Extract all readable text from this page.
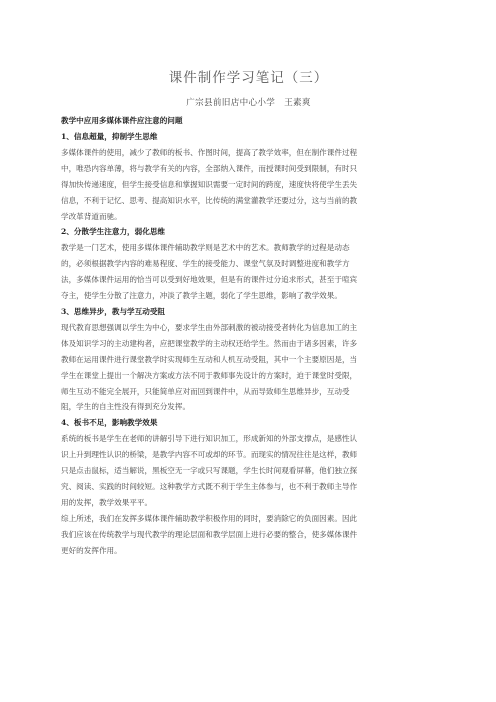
课件制作学习笔记（三）
广宗县前旧店中心小学　王素爽
教学中应用多媒体课件应注意的问题
1、信息超量，抑制学生思维
多媒体课件的使用，减少了教师的板书、作图时间，提高了教学效率，但在制作课件过程
中，唯恐内容单薄，将与教学有关的内容，全部纳入课件，而授课时间受到限制，有时只
得加快传递速度，但学生接受信息和掌握知识需要一定时间的跨度，速度快将使学生丢失
信息，不利于记忆、思考、提高知识水平，比传统的满堂灌教学还要过分，这与当前的教
学改革背道而驰。
2、分散学生注意力，弱化思维
教学是一门艺术，使用多媒体课件辅助教学则是艺术中的艺术。教师教学的过程是动态
的，必须根据教学内容的难易程度、学生的接受能力、课堂气氛及时调整进度和教学方
法，多媒体课件运用的恰当可以受到好地效果，但是有的课件过分追求形式，甚至于喧宾
夺主，使学生分散了注意力，冲淡了教学主题，弱化了学生思维，影响了教学效果。
3、思维异步，教与学互动受阻
现代教育思想强调以学生为中心，要求学生由外部刺激的被动接受者转化为信息加工的主
体及知识学习的主动建构者，应把课堂教学的主动权还给学生。然而由于诸多因素，许多
教师在运用课件进行课堂教学时实现师生互动和人机互动受阻，其中一个主要原因是，当
学生在课堂上提出一个解决方案或方法不同于教师事先设计的方案时，迫于课堂时受限，
师生互动不能完全展开，只能简单应对而回到课件中，从而导致师生思维异步，互动受
阻，学生的自主性没有得到充分发挥。
4、板书不足，影响教学效果
系统的板书是学生在老师的讲解引导下进行知识加工，形成新知的外部支撑点，是感性认
识上升到理性认识的桥梁，是教学内容不可或却的环节。而现实的情况往往是这样，教师
只是点击鼠标，适当解说，黑板空无一字或只写课题，学生长时间观看屏幕，他们独立探
究、阅读、实践的时间较短。这种教学方式既不利于学生主体参与，也不利于教师主导作
用的发挥，教学效果平平。
综上所述，我们在发挥多媒体课件辅助教学积极作用的同时，要消除它的负面因素。因此
我们应该在传统教学与现代教学的理论层面和教学层面上进行必要的整合，使多媒体课件
更好的发挥作用。
